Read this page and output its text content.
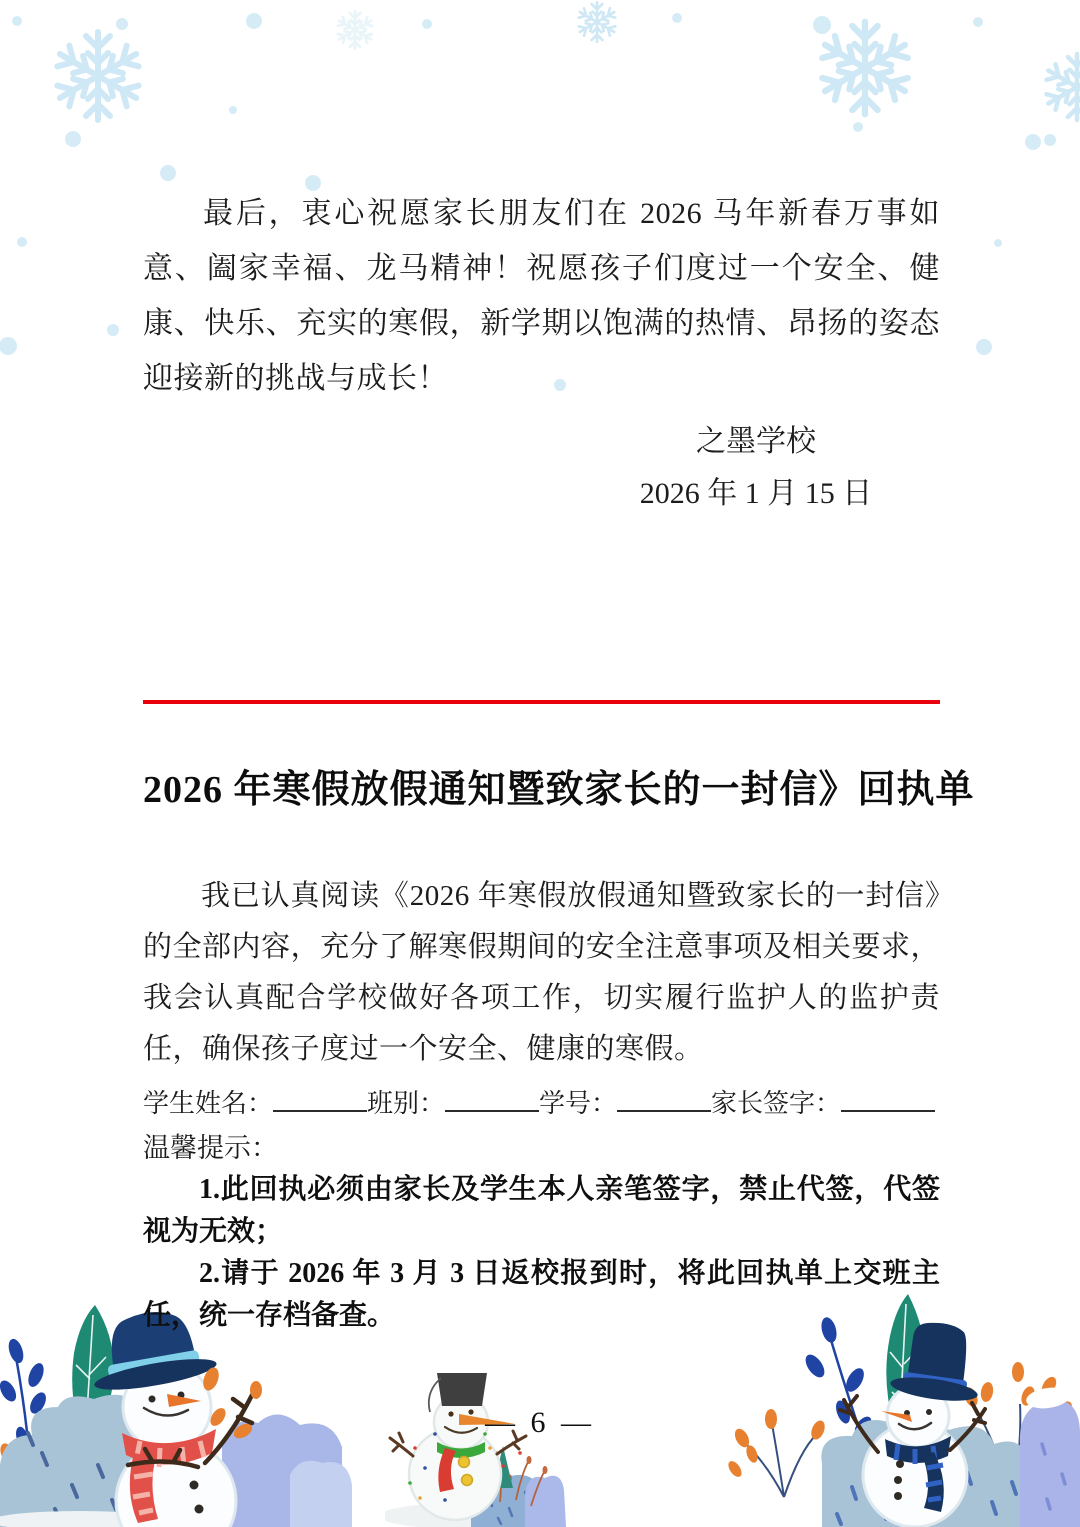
最后，衷心祝愿家长朋友们在 2026 马年新春万事如意、阖家幸福、龙马精神！祝愿孩子们度过一个安全、健康、快乐、充实的寒假，新学期以饱满的热情、昂扬的姿态迎接新的挑战与成长！

之墨学校
2026 年 1 月 15 日
2026 年寒假放假通知暨致家长的一封信》回执单

我已认真阅读《2026 年寒假放假通知暨致家长的一封信》的全部内容，充分了解寒假期间的安全注意事项及相关要求，我会认真配合学校做好各项工作，切实履行监护人的监护责任，确保孩子度过一个安全、健康的寒假。

学生姓名：	班别：	学号：	家长签字：
温馨提示：

1.此回执必须由家长及学生本人亲笔签字，禁止代签，代签视为无效；

2.请于 2026 年 3 月 3 日返校报到时，将此回执单上交班主任，统一存档备查。

— 6 —
